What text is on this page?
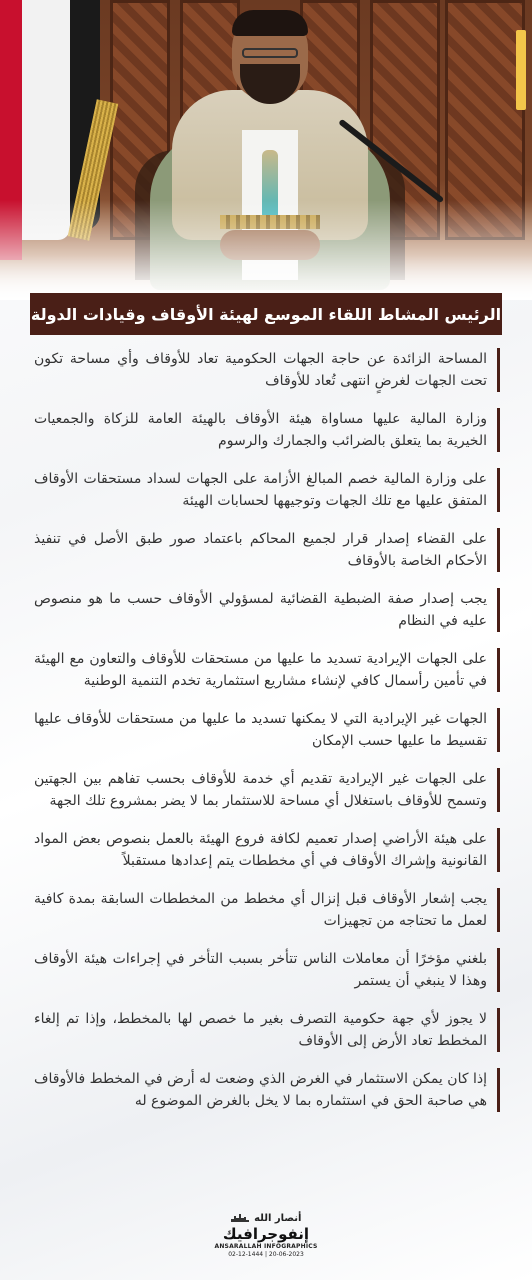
الرئيس المشاط اللقاء الموسع لهيئة الأوقاف وقيادات الدولة
المساحة الزائدة عن حاجة الجهات الحكومية تعاد للأوقاف وأي مساحة تكون تحت الجهات لغرضٍ انتهى تُعاد للأوقاف
وزارة المالية عليها مساواة هيئة الأوقاف بالهيئة العامة للزكاة والجمعيات الخيرية بما يتعلق بالضرائب والجمارك والرسوم
على وزارة المالية خصم المبالغ الأزامة على الجهات لسداد مستحقات الأوقاف المتفق عليها مع تلك الجهات وتوجيهها لحسابات الهيئة
على القضاء إصدار قرار لجميع المحاكم باعتماد صور طبق الأصل في تنفيذ الأحكام الخاصة بالأوقاف
يجب إصدار صفة الضبطية القضائية لمسؤولي الأوقاف حسب ما هو منصوص عليه في النظام
على الجهات الإيرادية تسديد ما عليها من مستحقات للأوقاف والتعاون مع الهيئة في تأمين رأسمال كافي لإنشاء مشاريع استثمارية تخدم التنمية الوطنية
الجهات غير الإيرادية التي لا يمكنها تسديد ما عليها من مستحقات للأوقاف عليها تقسيط ما عليها حسب الإمكان
على الجهات غير الإيرادية تقديم أي خدمة للأوقاف بحسب تفاهم بين الجهتين وتسمح للأوقاف باستغلال أي مساحة للاستثمار بما لا يضر بمشروع تلك الجهة
على هيئة الأراضي إصدار تعميم لكافة فروع الهيئة بالعمل بنصوص بعض المواد القانونية وإشراك الأوقاف في أي مخططات يتم إعدادها مستقبلاً
يجب إشعار الأوقاف قبل إنزال أي مخطط من المخططات السابقة بمدة كافية لعمل ما تحتاجه من تجهيزات
بلغني مؤخرًا أن معاملات الناس تتأخر بسبب التأخر في إجراءات هيئة الأوقاف وهذا لا ينبغي أن يستمر
لا يجوز لأي جهة حكومية التصرف بغير ما خصص لها بالمخطط، وإذا تم إلغاء المخطط تعاد الأرض إلى الأوقاف
إذا كان يمكن الاستثمار في الغرض الذي وضعت له أرض في المخطط فالأوقاف هي صاحبة الحق في استثماره بما لا يخل بالغرض الموضوع له
أنصار الله
إنفوجرافيك
ANSARALLAH INFOGRAPHICS
02-12-1444 | 20-06-2023
